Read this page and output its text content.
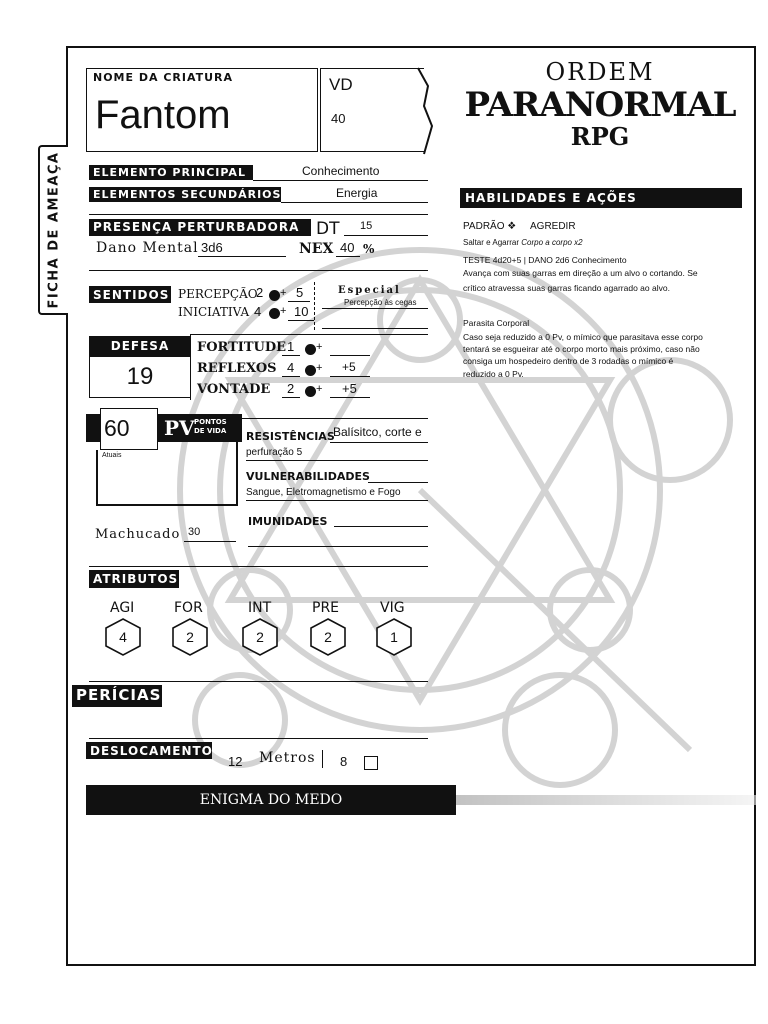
FICHA DE AMEAÇA
ORDEM
PARANORMAL
RPG
NOME DA CRIATURA
Fantom
VD
40
ELEMENTO PRINCIPAL	Conhecimento
ELEMENTOS SECUNDÁRIOS	Energia
PRESENÇA PERTURBADORA DT 15
Dano Mental 3d6	NEX 40 %
SENTIDOS PERCEPÇÃO
2 + 5
INICIATIVA 4 + 10
Especial
Percepção às cegas
DEFESA
19
FORTITUDE 1 +
REFLEXOS 4 + +5
VONTADE 2 + +5
60
Atuais
PV PONTOS
DE VIDA
Machucado 30
RESISTÊNCIAS
Balísitco, corte e
perfuração 5
VULNERABILIDADES
Sangue, Eletromagnetismo e Fogo
IMUNIDADES
ATRIBUTOS
AGI
4
FOR
2
INT
2
PRE
2
VIG
1
PERÍCIAS
DESLOCAMENTO
12 Metros 8
ENIGMA DO MEDO
HABILIDADES E AÇÕES
PADRÃO ❖ AGREDIR
Saltar e Agarrar Corpo a corpo x2
TESTE 4d20+5 | DANO 2d6 Conhecimento
Avança com suas garras em direção a um alvo o cortando. Se
crítico atravessa suas garras ficando agarrado ao alvo.
Parasita Corporal
Caso seja reduzido a 0 Pv, o mímico que parasitava esse corpo
tentará se esgueirar até o corpo morto mais próximo, caso não
consiga um hospedeiro dentro de 3 rodadas o mímico é
reduzido a 0 Pv.
